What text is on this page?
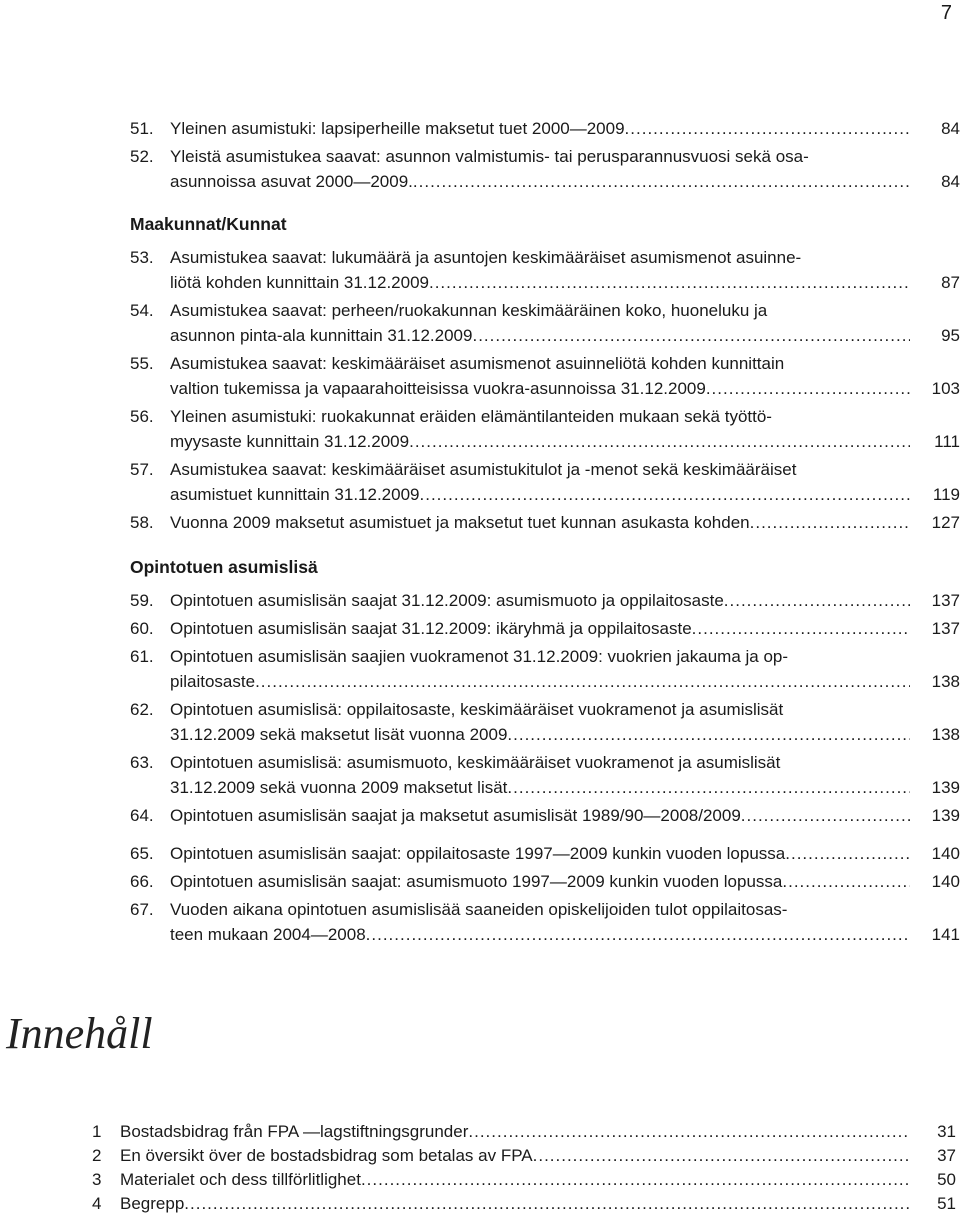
7
51. Yleinen asumistuki: lapsiperheille maksetut tuet 2000—2009 .....	84
52. Yleistä asumistukea saavat: asunnon valmistumis- tai perusparannusvuosi sekä osa-
asunnoissa asuvat 2000—2009. .....	84
Maakunnat/Kunnat
53. Asumistukea saavat: lukumäärä ja asuntojen keskimääräiset asumismenot asuinne-
liötä kohden kunnittain 31.12.2009 .....	87
54. Asumistukea saavat: perheen/ruokakunnan keskimääräinen koko, huoneluku ja
asunnon pinta-ala kunnittain 31.12.2009 .....	95
55. Asumistukea saavat: keskimääräiset asumismenot asuinneliötä kohden kunnittain
valtion tukemissa ja vapaarahoitteisissa vuokra-asunnoissa 31.12.2009 .....	103
56. Yleinen asumistuki: ruokakunnat eräiden elämäntilanteiden mukaan sekä työttö-
myysaste kunnittain 31.12.2009 .....	111
57. Asumistukea saavat: keskimääräiset asumistukitulot ja -menot sekä keskimääräiset
asumistuet kunnittain 31.12.2009 .....	119
58. Vuonna 2009 maksetut asumistuet ja maksetut tuet kunnan asukasta kohden .....	127
Opintotuen asumislisä
59. Opintotuen asumislisän saajat 31.12.2009: asumismuoto ja oppilaitosaste .....	137
60. Opintotuen asumislisän saajat 31.12.2009: ikäryhmä ja oppilaitosaste .....	137
61. Opintotuen asumislisän saajien vuokramenot 31.12.2009: vuokrien jakauma ja op-
pilaitosaste .....	138
62. Opintotuen asumislisä: oppilaitosaste, keskimääräiset vuokramenot ja asumislisät
31.12.2009 sekä maksetut lisät vuonna 2009 .....	138
63. Opintotuen asumislisä: asumismuoto, keskimääräiset vuokramenot ja asumislisät
31.12.2009 sekä vuonna 2009 maksetut lisät .....	139
64. Opintotuen asumislisän saajat ja maksetut asumislisät 1989/90—2008/2009 .....	139
65. Opintotuen asumislisän saajat: oppilaitosaste 1997—2009 kunkin vuoden lopussa .....	140
66. Opintotuen asumislisän saajat: asumismuoto 1997—2009 kunkin vuoden lopussa .....	140
67. Vuoden aikana opintotuen asumislisää saaneiden opiskelijoiden tulot oppilaitosas-
teen mukaan 2004—2008 .....	141
Innehåll
1	Bostadsbidrag från FPA —lagstiftningsgrunder .....	31
2	En översikt över de bostadsbidrag som betalas av FPA .....	37
3	Materialet och dess tillförlitlighet .....	50
4	Begrepp .....	51
